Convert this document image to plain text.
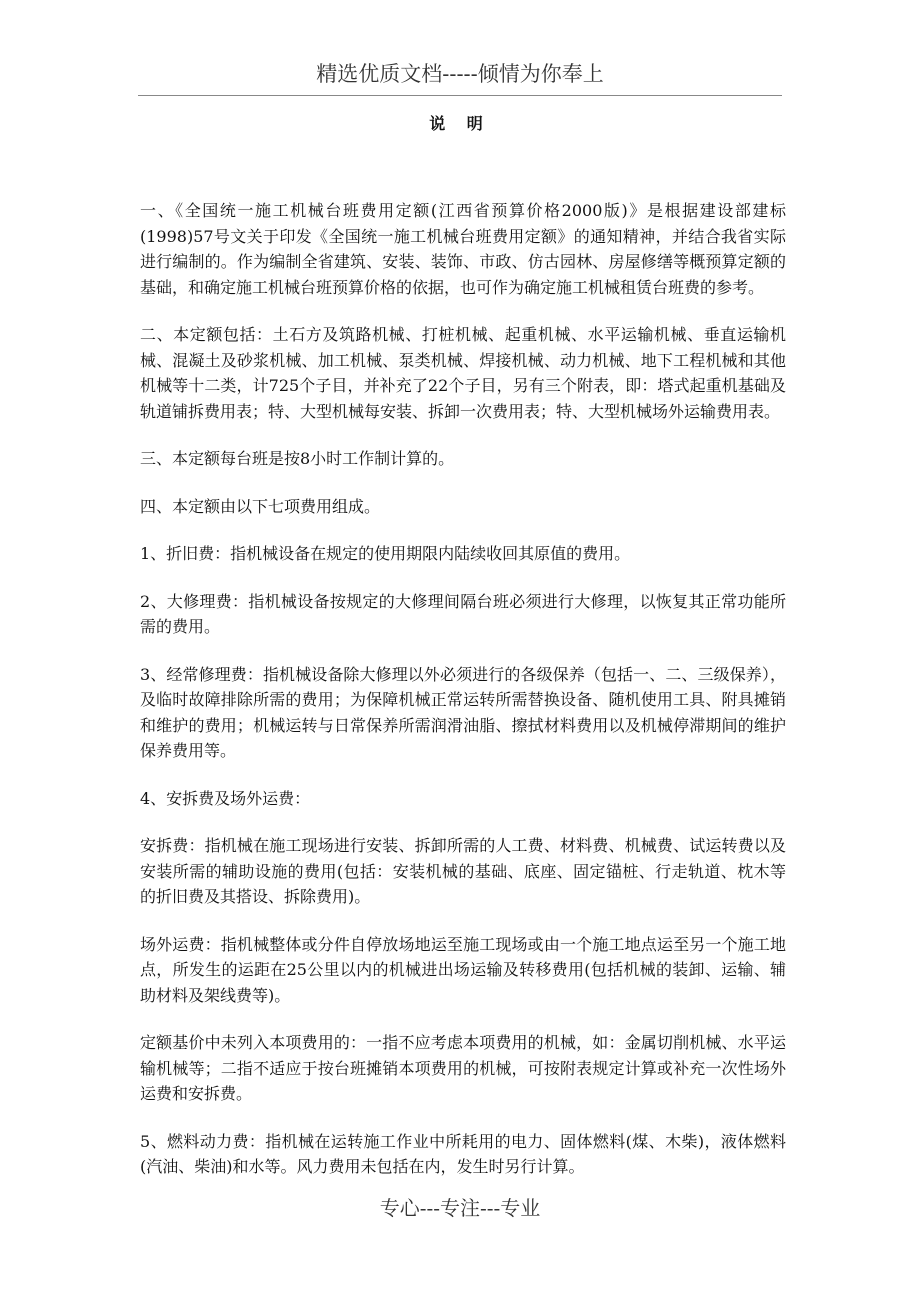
精选优质文档-----倾情为你奉上
说 明

一、《全国统一施工机械台班费用定额(江西省预算价格2000版)》是根据建设部建标(1998)57号文关于印发《全国统一施工机械台班费用定额》的通知精神，并结合我省实际进行编制的。作为编制全省建筑、安装、装饰、市政、仿古园林、房屋修缮等概预算定额的基础，和确定施工机械台班预算价格的依据，也可作为确定施工机械租赁台班费的参考。

二、本定额包括：土石方及筑路机械、打桩机械、起重机械、水平运输机械、垂直运输机械、混凝土及砂浆机械、加工机械、泵类机械、焊接机械、动力机械、地下工程机械和其他机械等十二类，计725个子目，并补充了22个子目，另有三个附表，即：塔式起重机基础及轨道铺拆费用表；特、大型机械每安装、拆卸一次费用表；特、大型机械场外运输费用表。

三、本定额每台班是按8小时工作制计算的。

四、本定额由以下七项费用组成。

1、折旧费：指机械设备在规定的使用期限内陆续收回其原值的费用。

2、大修理费：指机械设备按规定的大修理间隔台班必须进行大修理，以恢复其正常功能所需的费用。

3、经常修理费：指机械设备除大修理以外必须进行的各级保养（包括一、二、三级保养），及临时故障排除所需的费用；为保障机械正常运转所需替换设备、随机使用工具、附具摊销和维护的费用；机械运转与日常保养所需润滑油脂、擦拭材料费用以及机械停滞期间的维护保养费用等。

4、安拆费及场外运费：

安拆费：指机械在施工现场进行安装、拆卸所需的人工费、材料费、机械费、试运转费以及安装所需的辅助设施的费用(包括：安装机械的基础、底座、固定锚桩、行走轨道、枕木等的折旧费及其搭设、拆除费用)。

场外运费：指机械整体或分件自停放场地运至施工现场或由一个施工地点运至另一个施工地点，所发生的运距在25公里以内的机械进出场运输及转移费用(包括机械的装卸、运输、辅助材料及架线费等)。

定额基价中未列入本项费用的：一指不应考虑本项费用的机械，如：金属切削机械、水平运输机械等；二指不适应于按台班摊销本项费用的机械，可按附表规定计算或补充一次性场外运费和安拆费。

5、燃料动力费：指机械在运转施工作业中所耗用的电力、固体燃料(煤、木柴)，液体燃料(汽油、柴油)和水等。风力费用未包括在内，发生时另行计算。

专心---专注---专业
